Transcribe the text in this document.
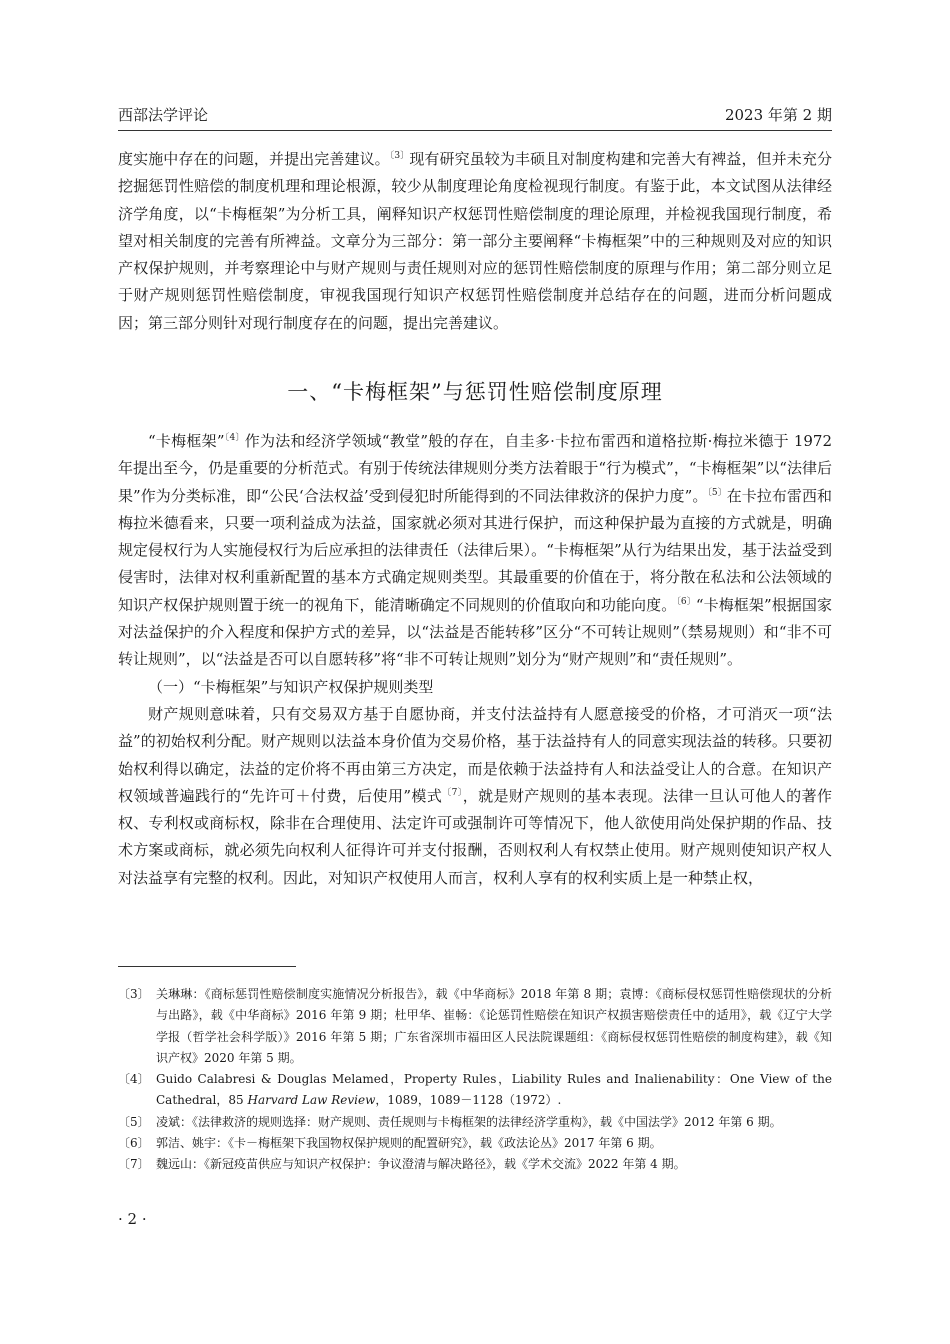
西部法学评论	2023 年第 2 期

度实施中存在的问题，并提出完善建议。$^{〔3〕}$现有研究虽较为丰硕且对制度构建和完善大有裨益，但并未充分挖掘惩罚性赔偿的制度机理和理论根源，较少从制度理论角度检视现行制度。有鉴于此，本文试图从法律经济学角度，以“卡梅框架”为分析工具，阐释知识产权惩罚性赔偿制度的理论原理，并检视我国现行制度，希望对相关制度的完善有所裨益。文章分为三部分：第一部分主要阐释“卡梅框架”中的三种规则及对应的知识产权保护规则，并考察理论中与财产规则与责任规则对应的惩罚性赔偿制度的原理与作用；第二部分则立足于财产规则惩罚性赔偿制度，审视我国现行知识产权惩罚性赔偿制度并总结存在的问题，进而分析问题成因；第三部分则针对现行制度存在的问题，提出完善建议。

一、“卡梅框架”与惩罚性赔偿制度原理

“卡梅框架”$^{〔4〕}$作为法和经济学领域“教堂”般的存在，自圭多·卡拉布雷西和道格拉斯·梅拉米德于 1972 年提出至今，仍是重要的分析范式。有别于传统法律规则分类方法着眼于“行为模式”，“卡梅框架”以“法律后果”作为分类标准，即“公民‘合法权益’受到侵犯时所能得到的不同法律救济的保护力度”。$^{〔5〕}$在卡拉布雷西和梅拉米德看来，只要一项利益成为法益，国家就必须对其进行保护，而这种保护最为直接的方式就是，明确规定侵权行为人实施侵权行为后应承担的法律责任（法律后果）。“卡梅框架”从行为结果出发，基于法益受到侵害时，法律对权利重新配置的基本方式确定规则类型。其最重要的价值在于，将分散在私法和公法领域的知识产权保护规则置于统一的视角下，能清晰确定不同规则的价值取向和功能向度。$^{〔6〕}$“卡梅框架”根据国家对法益保护的介入程度和保护方式的差异，以“法益是否能转移”区分“不可转让规则”（禁易规则）和“非不可转让规则”，以“法益是否可以自愿转移”将“非不可转让规则”划分为“财产规则”和“责任规则”。

（一）“卡梅框架”与知识产权保护规则类型

财产规则意味着，只有交易双方基于自愿协商，并支付法益持有人愿意接受的价格，才可消灭一项“法益”的初始权利分配。财产规则以法益本身价值为交易价格，基于法益持有人的同意实现法益的转移。只要初始权利得以确定，法益的定价将不再由第三方决定，而是依赖于法益持有人和法益受让人的合意。在知识产权领域普遍践行的“先许可＋付费，后使用”模式$^{〔7〕}$，就是财产规则的基本表现。法律一旦认可他人的著作权、专利权或商标权，除非在合理使用、法定许可或强制许可等情况下，他人欲使用尚处保护期的作品、技术方案或商标，就必须先向权利人征得许可并支付报酬，否则权利人有权禁止使用。财产规则使知识产权人对法益享有完整的权利。因此，对知识产权使用人而言，权利人享有的权利实质上是一种禁止权，

〔3〕 关琳琳：《商标惩罚性赔偿制度实施情况分析报告》，载《中华商标》2018 年第 8 期；袁博：《商标侵权惩罚性赔偿现状的分析与出路》，载《中华商标》2016 年第 9 期；杜甲华、崔畅：《论惩罚性赔偿在知识产权损害赔偿责任中的适用》，载《辽宁大学学报（哲学社会科学版）》2016 年第 5 期；广东省深圳市福田区人民法院课题组：《商标侵权惩罚性赔偿的制度构建》，载《知识产权》2020 年第 5 期。

〔4〕 Guido Calabresi & Douglas Melamed，Property Rules，Liability Rules and Inalienability：One View of the Cathedral，85 Harvard Law Review，1089，1089－1128（1972）.

〔5〕 凌斌：《法律救济的规则选择：财产规则、责任规则与卡梅框架的法律经济学重构》，载《中国法学》2012 年第 6 期。

〔6〕 郭洁、姚宇：《卡－梅框架下我国物权保护规则的配置研究》，载《政法论丛》2017 年第 6 期。

〔7〕 魏远山：《新冠疫苗供应与知识产权保护：争议澄清与解决路径》，载《学术交流》2022 年第 4 期。

· 2 ·
